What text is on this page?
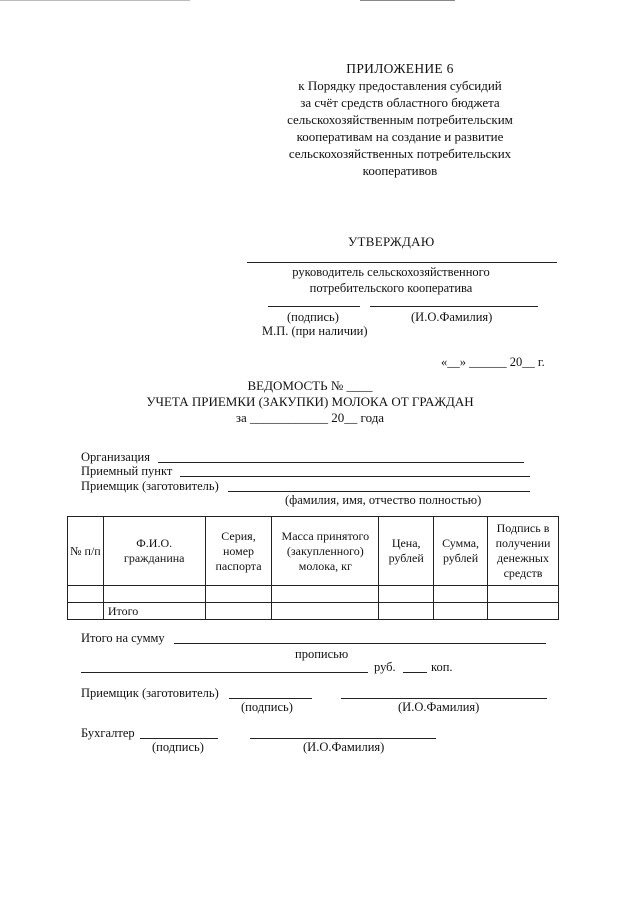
ПРИЛОЖЕНИЕ 6
к Порядку предоставления субсидий
за счёт средств областного бюджета
сельскохозяйственным потребительским
кооперативам на создание и развитие
сельскохозяйственных потребительских
кооперативов
УТВЕРЖДАЮ
руководитель сельскохозяйственного
потребительского кооператива
(подпись)	(И.О.Фамилия)
М.П. (при наличии)
«__» ______ 20__ г.
ВЕДОМОСТЬ № ____
УЧЕТА ПРИЕМКИ (ЗАКУПКИ) МОЛОКА ОТ ГРАЖДАН
за ____________ 20__ года
Организация
Приемный пункт
Приемщик (заготовитель)
(фамилия, имя, отчество полностью)
№ п/п	Ф.И.О. гражданина	Серия, номер паспорта	Масса принятого (закупленного) молока, кг	Цена, рублей	Сумма, рублей	Подпись в получении денежных средств

	Итого					
Итого на сумму
прописью
руб.	коп.
Приемщик (заготовитель)
(подпись)	(И.О.Фамилия)
Бухгалтер
(подпись)	(И.О.Фамилия)
